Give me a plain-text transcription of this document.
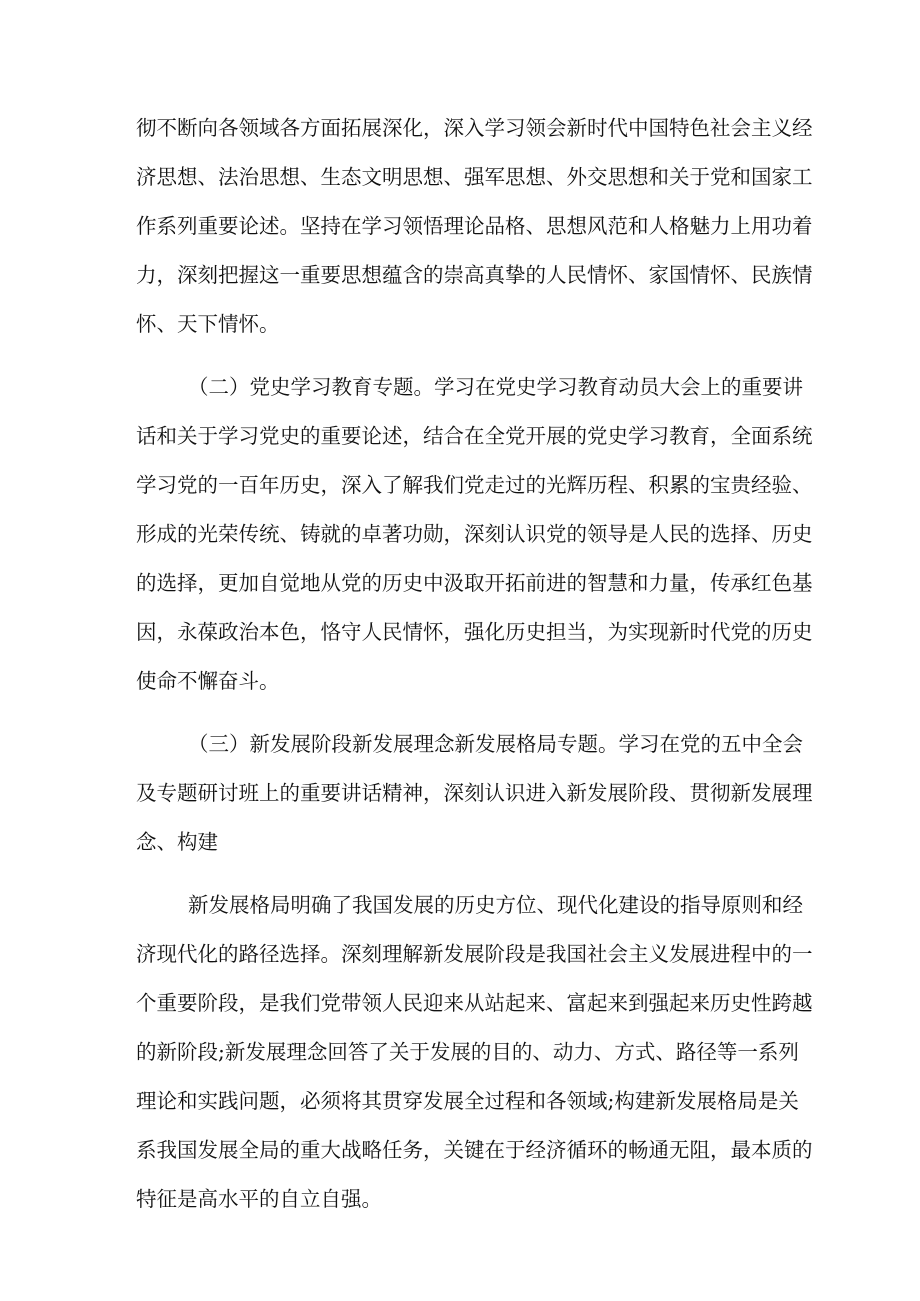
彻不断向各领域各方面拓展深化，深入学习领会新时代中国特色社会主义经
济思想、法治思想、生态文明思想、强军思想、外交思想和关于党和国家工
作系列重要论述。坚持在学习领悟理论品格、思想风范和人格魅力上用功着
力，深刻把握这一重要思想蕴含的崇高真挚的人民情怀、家国情怀、民族情
怀、天下情怀。
（二）党史学习教育专题。学习在党史学习教育动员大会上的重要讲
话和关于学习党史的重要论述，结合在全党开展的党史学习教育，全面系统
学习党的一百年历史，深入了解我们党走过的光辉历程、积累的宝贵经验、
形成的光荣传统、铸就的卓著功勋，深刻认识党的领导是人民的选择、历史
的选择，更加自觉地从党的历史中汲取开拓前进的智慧和力量，传承红色基
因，永葆政治本色，恪守人民情怀，强化历史担当，为实现新时代党的历史
使命不懈奋斗。
（三）新发展阶段新发展理念新发展格局专题。学习在党的五中全会
及专题研讨班上的重要讲话精神，深刻认识进入新发展阶段、贯彻新发展理
念、构建
新发展格局明确了我国发展的历史方位、现代化建设的指导原则和经
济现代化的路径选择。深刻理解新发展阶段是我国社会主义发展进程中的一
个重要阶段，是我们党带领人民迎来从站起来、富起来到强起来历史性跨越
的新阶段;新发展理念回答了关于发展的目的、动力、方式、路径等一系列
理论和实践问题，必须将其贯穿发展全过程和各领域;构建新发展格局是关
系我国发展全局的重大战略任务，关键在于经济循环的畅通无阻，最本质的
特征是高水平的自立自强。
